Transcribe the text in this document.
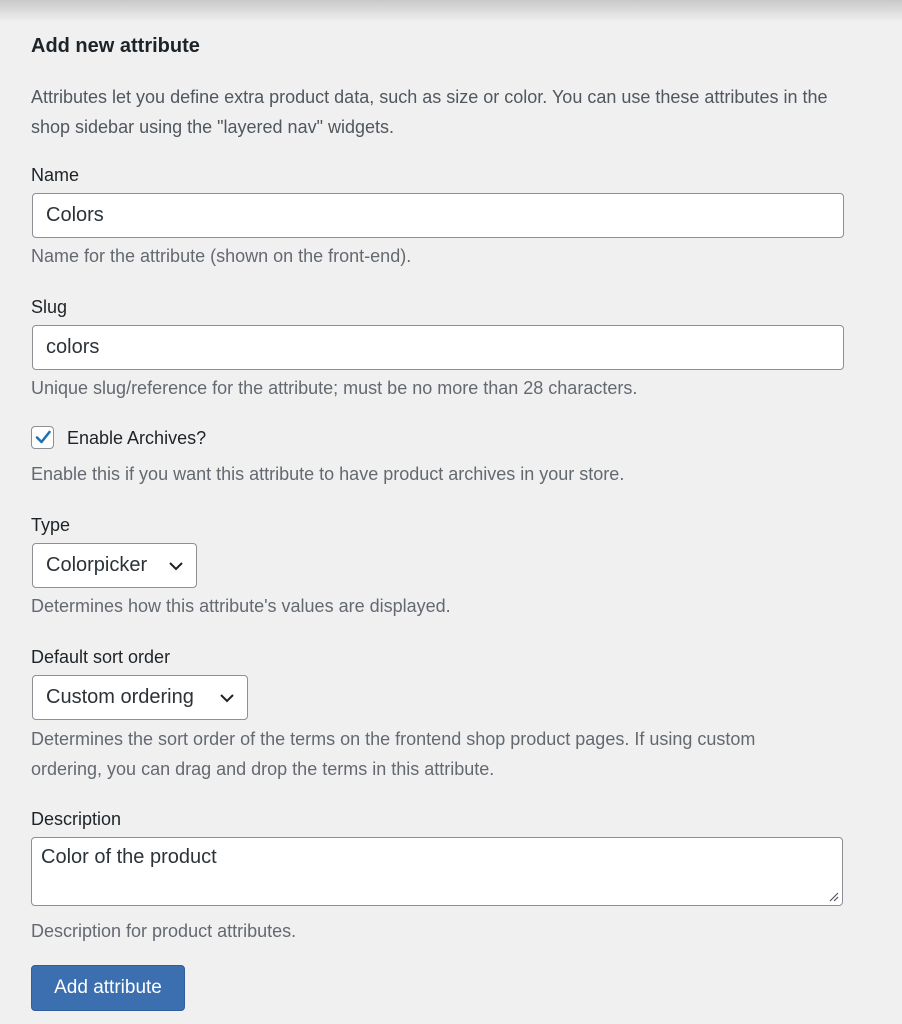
Add new attribute

Attributes let you define extra product data, such as size or color. You can use these attributes in the shop sidebar using the "layered nav" widgets.

Name
Colors
Name for the attribute (shown on the front-end).
Slug
colors
Unique slug/reference for the attribute; must be no more than 28 characters.
Enable Archives?
Enable this if you want this attribute to have product archives in your store.
Type
Colorpicker
Determines how this attribute's values are displayed.
Default sort order
Custom ordering
Determines the sort order of the terms on the frontend shop product pages. If using custom ordering, you can drag and drop the terms in this attribute.
Description
Color of the product
Description for product attributes.
Add attribute
